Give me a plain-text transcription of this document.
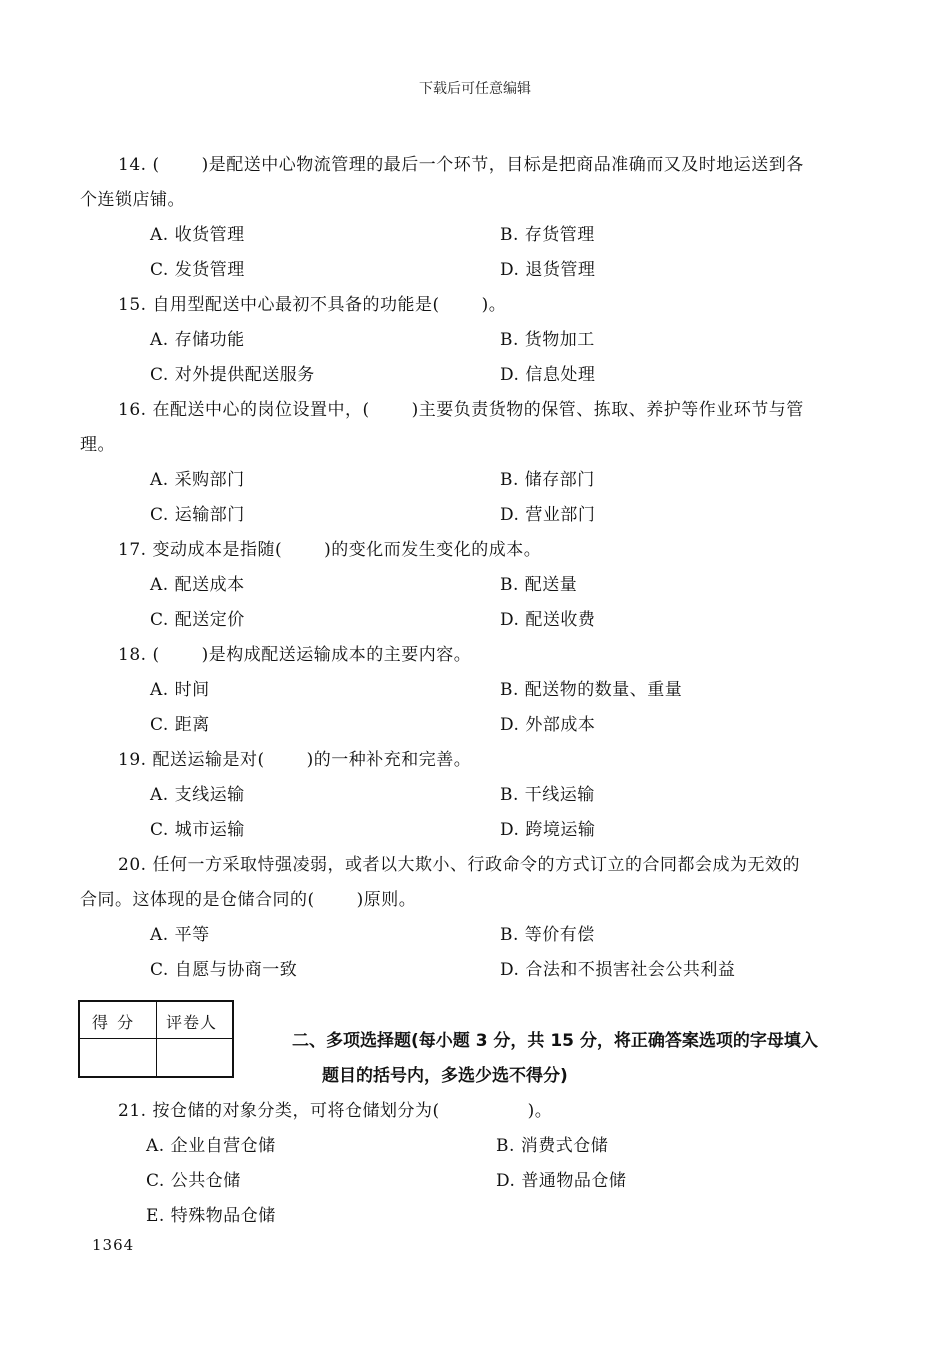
下载后可任意编辑
14. ( )是配送中心物流管理的最后一个环节，目标是把商品准确而又及时地运送到各
个连锁店铺。
A. 收货管理	B. 存货管理
C. 发货管理	D. 退货管理
15. 自用型配送中心最初不具备的功能是( )。
A. 存储功能	B. 货物加工
C. 对外提供配送服务	D. 信息处理
16. 在配送中心的岗位设置中，( )主要负责货物的保管、拣取、养护等作业环节与管
理。
A. 采购部门	B. 储存部门
C. 运输部门	D. 营业部门
17. 变动成本是指随( )的变化而发生变化的成本。
A. 配送成本	B. 配送量
C. 配送定价	D. 配送收费
18. ( )是构成配送运输成本的主要内容。
A. 时间	B. 配送物的数量、重量
C. 距离	D. 外部成本
19. 配送运输是对( )的一种补充和完善。
A. 支线运输	B. 干线运输
C. 城市运输	D. 跨境运输
20. 任何一方采取恃强凌弱，或者以大欺小、行政命令的方式订立的合同都会成为无效的
合同。这体现的是仓储合同的( )原则。
A. 平等	B. 等价有偿
C. 自愿与协商一致	D. 合法和不损害社会公共利益
得 分 评卷人
二、多项选择题(每小题 3 分，共 15 分，将正确答案选项的字母填入
题目的括号内，多选少选不得分)
21. 按仓储的对象分类，可将仓储划分为(	)。
A. 企业自营仓储	B. 消费式仓储
C. 公共仓储	D. 普通物品仓储
E. 特殊物品仓储
1364
